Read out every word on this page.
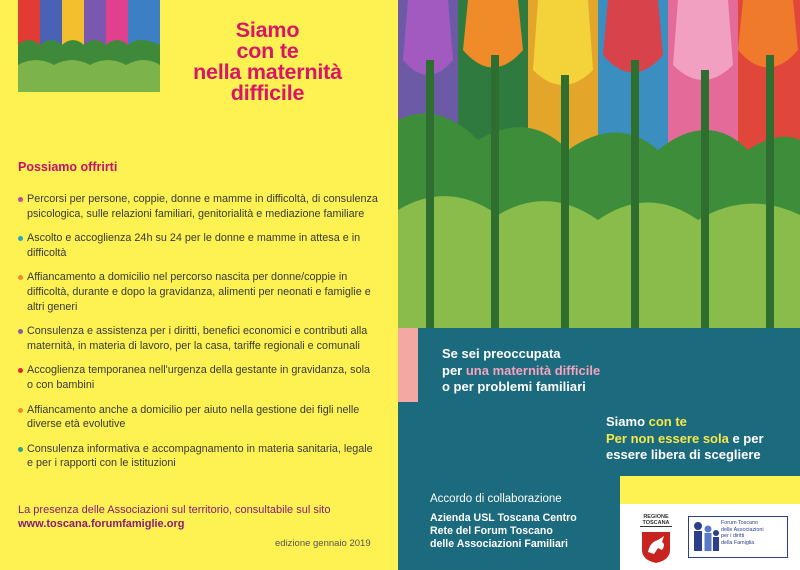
Siamo
con te
nella maternità
difficile
Possiamo offrirti
Percorsi per persone, coppie, donne e mamme in difficoltà, di consulenza psicologica, sulle relazioni familiari, genitorialità e mediazione familiare
Ascolto e accoglienza 24h su 24 per le donne e mamme in attesa e in difficoltà
Affiancamento a domicilio nel percorso nascita per donne/coppie in difficoltà, durante e dopo la gravidanza, alimenti per neonati e famiglie e altri generi
Consulenza e assistenza per i diritti, benefici economici e contributi alla maternità, in materia di lavoro, per la casa, tariffe regionali e comunali
Accoglienza temporanea nell'urgenza della gestante in gravidanza, sola o con bambini
Affiancamento anche a domicilio per aiuto nella gestione dei figli nelle diverse età evolutive
Consulenza informativa e accompagnamento in materia sanitaria, legale e per i rapporti con le istituzioni
La presenza delle Associazioni sul territorio, consultabile sul sito
www.toscana.forumfamiglie.org
edizione gennaio 2019
Se sei preoccupata
per una maternità difficile
o per problemi familiari
Siamo con te
Per non essere sola e per essere libera di scegliere
Accordo di collaborazione
Azienda USL Toscana Centro
Rete del Forum Toscano
delle Associazioni Familiari
REGIONE
TOSCANA	Forum Toscano
delle Associazioni
per i diritti
della Famiglia
